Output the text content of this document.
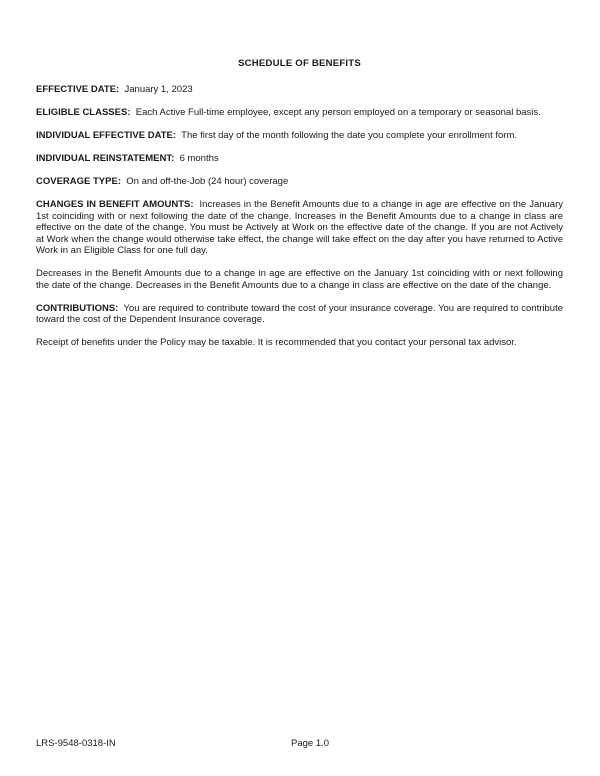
SCHEDULE OF BENEFITS
EFFECTIVE DATE: January 1, 2023
ELIGIBLE CLASSES: Each Active Full-time employee, except any person employed on a temporary or seasonal basis.
INDIVIDUAL EFFECTIVE DATE: The first day of the month following the date you complete your enrollment form.
INDIVIDUAL REINSTATEMENT: 6 months
COVERAGE TYPE: On and off-the-Job (24 hour) coverage

CHANGES IN BENEFIT AMOUNTS: Increases in the Benefit Amounts due to a change in age are effective on the January 1st coinciding with or next following the date of the change. Increases in the Benefit Amounts due to a change in class are effective on the date of the change. You must be Actively at Work on the effective date of the change. If you are not Actively at Work when the change would otherwise take effect, the change will take effect on the day after you have returned to Active Work in an Eligible Class for one full day.

Decreases in the Benefit Amounts due to a change in age are effective on the January 1st coinciding with or next following the date of the change. Decreases in the Benefit Amounts due to a change in class are effective on the date of the change.

CONTRIBUTIONS: You are required to contribute toward the cost of your insurance coverage. You are required to contribute toward the cost of the Dependent Insurance coverage.

Receipt of benefits under the Policy may be taxable. It is recommended that you contact your personal tax advisor.

LRS-9548-0318-IN	Page 1.0
